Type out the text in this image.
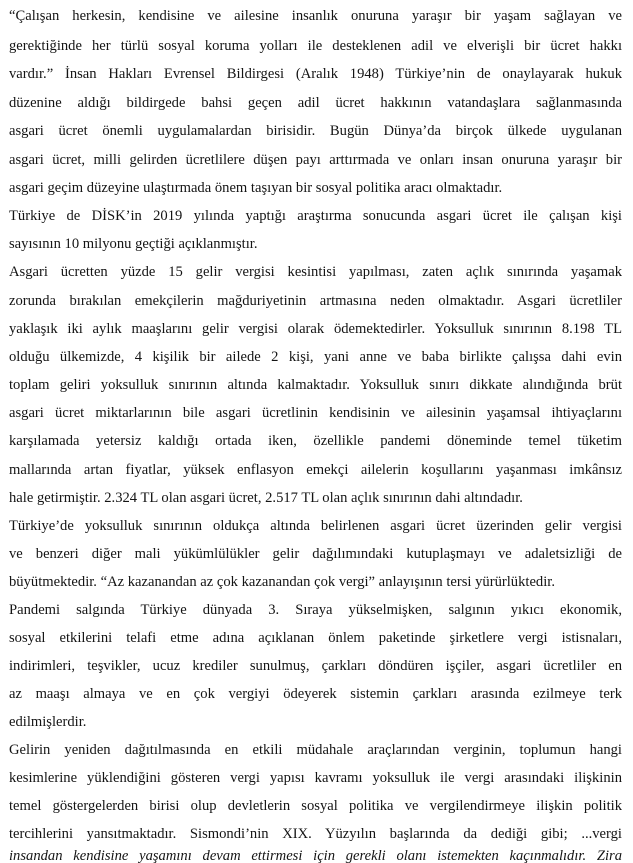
“Çalışan herkesin, kendisine ve ailesine insanlık onuruna yaraşır bir yaşam sağlayan ve
gerektiğinde her türlü sosyal koruma yolları ile desteklenen adil ve elverişli bir ücret hakkı
vardır.” İnsan Hakları Evrensel Bildirgesi (Aralık 1948) Türkiye’nin de onaylayarak hukuk
düzenine aldığı bildirgede bahsi geçen adil ücret hakkının vatandaşlara sağlanmasında
asgari ücret önemli uygulamalardan birisidir. Bugün Dünya’da birçok ülkede uygulanan
asgari ücret, milli gelirden ücretlilere düşen payı arttırmada ve onları insan onuruna yaraşır bir
asgari geçim düzeyine ulaştırmada önem taşıyan bir sosyal politika aracı olmaktadır.
Türkiye de DİSK’in 2019 yılında yaptığı araştırma sonucunda asgari ücret ile çalışan kişi
sayısının 10 milyonu geçtiği açıklanmıştır.
Asgari ücretten yüzde 15 gelir vergisi kesintisi yapılması, zaten açlık sınırında yaşamak
zorunda bırakılan emekçilerin mağduriyetinin artmasına neden olmaktadır. Asgari ücretliler
yaklaşık iki aylık maaşlarını gelir vergisi olarak ödemektedirler. Yoksulluk sınırının 8.198 TL
olduğu ülkemizde, 4 kişilik bir ailede 2 kişi, yani anne ve baba birlikte çalışsa dahi evin
toplam geliri yoksulluk sınırının altında kalmaktadır. Yoksulluk sınırı dikkate alındığında brüt
asgari ücret miktarlarının bile asgari ücretlinin kendisinin ve ailesinin yaşamsal ihtiyaçlarını
karşılamada yetersiz kaldığı ortada iken, özellikle pandemi döneminde temel tüketim
mallarında artan fiyatlar, yüksek enflasyon emekçi ailelerin koşullarını yaşanması imkânsız
hale getirmiştir. 2.324 TL olan asgari ücret, 2.517 TL olan açlık sınırının dahi altındadır.
Türkiye’de yoksulluk sınırının oldukça altında belirlenen asgari ücret üzerinden gelir vergisi
ve benzeri diğer mali yükümlülükler gelir dağılımındaki kutuplaşmayı ve adaletsizliği de
büyütmektedir. “Az kazanandan az çok kazanandan çok vergi” anlayışının tersi yürürlüktedir.
Pandemi salgında Türkiye dünyada 3. Sıraya yükselmişken, salgının yıkıcı ekonomik,
sosyal etkilerini telafi etme adına açıklanan önlem paketinde şirketlere vergi istisnaları,
indirimleri, teşvikler, ucuz krediler sunulmuş, çarkları döndüren işçiler, asgari ücretliler en
az maaşı almaya ve en çok vergiyi ödeyerek sistemin çarkları arasında ezilmeye terk
edilmişlerdir.
Gelirin yeniden dağıtılmasında en etkili müdahale araçlarından verginin, toplumun hangi
kesimlerine yüklendiğini gösteren vergi yapısı kavramı yoksulluk ile vergi arasındaki ilişkinin
temel göstergelerden birisi olup devletlerin sosyal politika ve vergilendirmeye ilişkin politik
tercihlerini yansıtmaktadır. Sismondi’nin XIX. Yüzyılın başlarında da dediği gibi; ...vergi
insandan kendisine yaşamını devam ettirmesi için gerekli olanı istemekten kaçınmalıdır. Zira
